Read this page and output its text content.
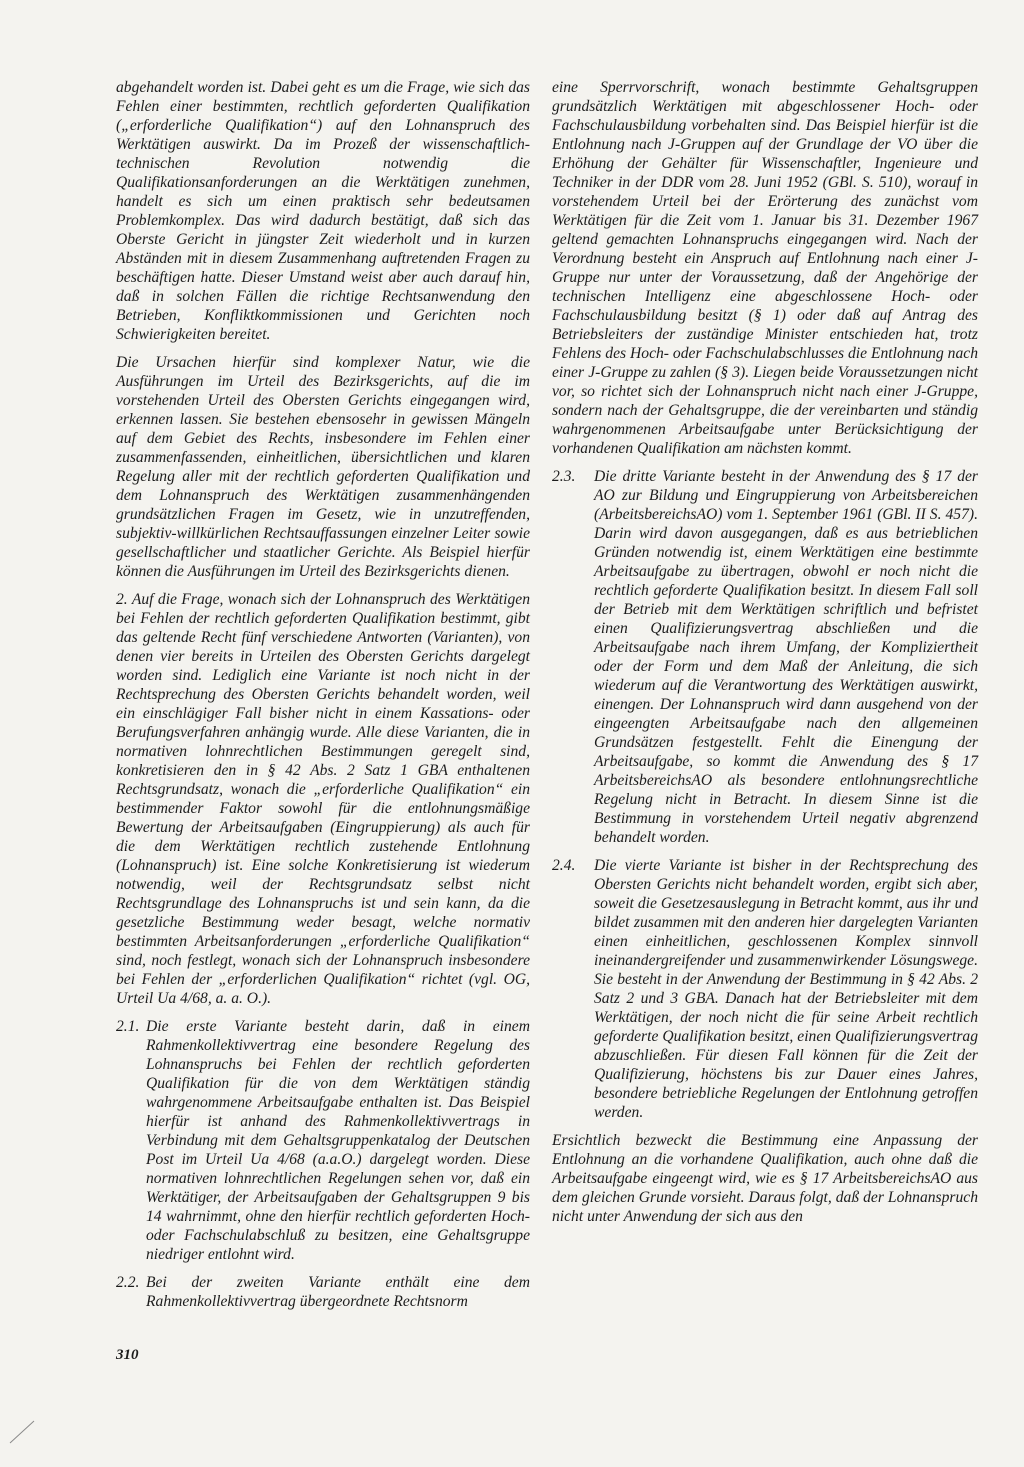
abgehandelt worden ist. Dabei geht es um die Frage, wie sich das Fehlen einer bestimmten, rechtlich geforderten Qualifikation („erforderliche Qualifikation“) auf den Lohnanspruch des Werktätigen auswirkt. Da im Prozeß der wissenschaftlich-technischen Revolution notwendig die Qualifikationsanforderungen an die Werktätigen zunehmen, handelt es sich um einen praktisch sehr bedeutsamen Problemkomplex. Das wird dadurch bestätigt, daß sich das Oberste Gericht in jüngster Zeit wiederholt und in kurzen Abständen mit in diesem Zusammenhang auftretenden Fragen zu beschäftigen hatte. Dieser Umstand weist aber auch darauf hin, daß in solchen Fällen die richtige Rechtsanwendung den Betrieben, Konfliktkommissionen und Gerichten noch Schwierigkeiten bereitet.

Die Ursachen hierfür sind komplexer Natur, wie die Ausführungen im Urteil des Bezirksgerichts, auf die im vorstehenden Urteil des Obersten Gerichts eingegangen wird, erkennen lassen. Sie bestehen ebensosehr in gewissen Mängeln auf dem Gebiet des Rechts, insbesondere im Fehlen einer zusammenfassenden, einheitlichen, übersichtlichen und klaren Regelung aller mit der rechtlich geforderten Qualifikation und dem Lohnanspruch des Werktätigen zusammenhängenden grundsätzlichen Fragen im Gesetz, wie in unzutreffenden, subjektiv-willkürlichen Rechtsauffassungen einzelner Leiter sowie gesellschaftlicher und staatlicher Gerichte. Als Beispiel hierfür können die Ausführungen im Urteil des Bezirksgerichts dienen.

2. Auf die Frage, wonach sich der Lohnanspruch des Werktätigen bei Fehlen der rechtlich geforderten Qualifikation bestimmt, gibt das geltende Recht fünf verschiedene Antworten (Varianten), von denen vier bereits in Urteilen des Obersten Gerichts dargelegt worden sind. Lediglich eine Variante ist noch nicht in der Rechtsprechung des Obersten Gerichts behandelt worden, weil ein einschlägiger Fall bisher nicht in einem Kassations- oder Berufungsverfahren anhängig wurde. Alle diese Varianten, die in normativen lohnrechtlichen Bestimmungen geregelt sind, konkretisieren den in § 42 Abs. 2 Satz 1 GBA enthaltenen Rechtsgrundsatz, wonach die „erforderliche Qualifikation“ ein bestimmender Faktor sowohl für die entlohnungsmäßige Bewertung der Arbeitsaufgaben (Eingruppierung) als auch für die dem Werktätigen rechtlich zustehende Entlohnung (Lohnanspruch) ist. Eine solche Konkretisierung ist wiederum notwendig, weil der Rechtsgrundsatz selbst nicht Rechtsgrundlage des Lohnanspruchs ist und sein kann, da die gesetzliche Bestimmung weder besagt, welche normativ bestimmten Arbeitsanforderungen „erforderliche Qualifikation“ sind, noch festlegt, wonach sich der Lohnanspruch insbesondere bei Fehlen der „erforderlichen Qualifikation“ richtet (vgl. OG, Urteil Ua 4/68, a. a. O.).

2.1. Die erste Variante besteht darin, daß in einem Rahmenkollektivvertrag eine besondere Regelung des Lohnanspruchs bei Fehlen der rechtlich geforderten Qualifikation für die von dem Werktätigen ständig wahrgenommene Arbeitsaufgabe enthalten ist. Das Beispiel hierfür ist anhand des Rahmenkollektivvertrags in Verbindung mit dem Gehaltsgruppenkatalog der Deutschen Post im Urteil Ua 4/68 (a.a.O.) dargelegt worden. Diese normativen lohnrechtlichen Regelungen sehen vor, daß ein Werktätiger, der Arbeitsaufgaben der Gehaltsgruppen 9 bis 14 wahrnimmt, ohne den hierfür rechtlich geforderten Hoch- oder Fachschulabschluß zu besitzen, eine Gehaltsgruppe niedriger entlohnt wird.
2.2. Bei der zweiten Variante enthält eine dem Rahmenkollektivvertrag übergeordnete Rechtsnorm

eine Sperrvorschrift, wonach bestimmte Gehaltsgruppen grundsätzlich Werktätigen mit abgeschlossener Hoch- oder Fachschulausbildung vorbehalten sind. Das Beispiel hierfür ist die Entlohnung nach J-Gruppen auf der Grundlage der VO über die Erhöhung der Gehälter für Wissenschaftler, Ingenieure und Techniker in der DDR vom 28. Juni 1952 (GBl. S. 510), worauf in vorstehendem Urteil bei der Erörterung des zunächst vom Werktätigen für die Zeit vom 1. Januar bis 31. Dezember 1967 geltend gemachten Lohnanspruchs eingegangen wird. Nach der Verordnung besteht ein Anspruch auf Entlohnung nach einer J-Gruppe nur unter der Voraussetzung, daß der Angehörige der technischen Intelligenz eine abgeschlossene Hoch- oder Fachschulausbildung besitzt (§ 1) oder daß auf Antrag des Betriebsleiters der zuständige Minister entschieden hat, trotz Fehlens des Hoch- oder Fachschulabschlusses die Entlohnung nach einer J-Gruppe zu zahlen (§ 3). Liegen beide Voraussetzungen nicht vor, so richtet sich der Lohnanspruch nicht nach einer J-Gruppe, sondern nach der Gehaltsgruppe, die der vereinbarten und ständig wahrgenommenen Arbeitsaufgabe unter Berücksichtigung der vorhandenen Qualifikation am nächsten kommt.

2.3.	Die dritte Variante besteht in der Anwendung des § 17 der AO zur Bildung und Eingruppierung von Arbeitsbereichen (ArbeitsbereichsAO) vom 1. September 1961 (GBl. II S. 457). Darin wird davon ausgegangen, daß es aus betrieblichen Gründen notwendig ist, einem Werktätigen eine bestimmte Arbeitsaufgabe zu übertragen, obwohl er noch nicht die rechtlich geforderte Qualifikation besitzt. In diesem Fall soll der Betrieb mit dem Werktätigen schriftlich und befristet einen Qualifizierungsvertrag abschließen und die Arbeitsaufgabe nach ihrem Umfang, der Kompliziertheit oder der Form und dem Maß der Anleitung, die sich wiederum auf die Verantwortung des Werktätigen auswirkt, einengen. Der Lohnanspruch wird dann ausgehend von der eingeengten Arbeitsaufgabe nach den allgemeinen Grundsätzen festgestellt. Fehlt die Einengung der Arbeitsaufgabe, so kommt die Anwendung des § 17 ArbeitsbereichsAO als besondere entlohnungsrechtliche Regelung nicht in Betracht. In diesem Sinne ist die Bestimmung in vorstehendem Urteil negativ abgrenzend behandelt worden.
2.4.	Die vierte Variante ist bisher in der Rechtsprechung des Obersten Gerichts nicht behandelt worden, ergibt sich aber, soweit die Gesetzesauslegung in Betracht kommt, aus ihr und bildet zusammen mit den anderen hier dargelegten Varianten einen einheitlichen, geschlossenen Komplex sinnvoll ineinandergreifender und zusammenwirkender Lösungswege. Sie besteht in der Anwendung der Bestimmung in § 42 Abs. 2 Satz 2 und 3 GBA. Danach hat der Betriebsleiter mit dem Werktätigen, der noch nicht die für seine Arbeit rechtlich geforderte Qualifikation besitzt, einen Qualifizierungsvertrag abzuschließen. Für diesen Fall können für die Zeit der Qualifizierung, höchstens bis zur Dauer eines Jahres, besondere betriebliche Regelungen der Entlohnung getroffen werden.

Ersichtlich bezweckt die Bestimmung eine Anpassung der Entlohnung an die vorhandene Qualifikation, auch ohne daß die Arbeitsaufgabe eingeengt wird, wie es § 17 ArbeitsbereichsAO aus dem gleichen Grunde vorsieht. Daraus folgt, daß der Lohnanspruch nicht unter Anwendung der sich aus den

310
